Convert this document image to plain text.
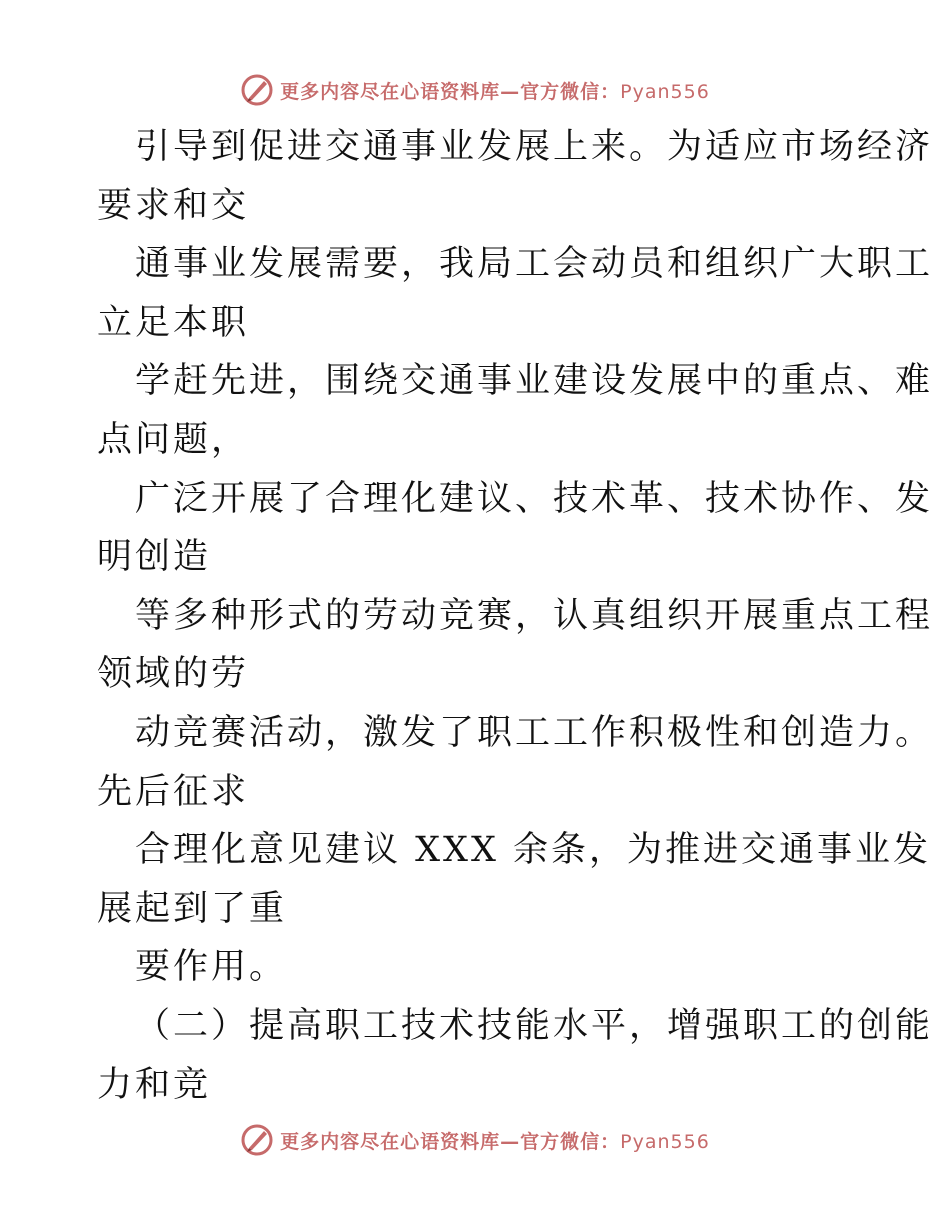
更多内容尽在心语资料库—官方微信：Pyan556
引导到促进交通事业发展上来。为适应市场经济
要求和交
通事业发展需要，我局工会动员和组织广大职工
立足本职
学赶先进，围绕交通事业建设发展中的重点、难
点问题，
广泛开展了合理化建议、技术革、技术协作、发
明创造
等多种形式的劳动竞赛，认真组织开展重点工程
领域的劳
动竞赛活动，激发了职工工作积极性和创造力。
先后征求
合理化意见建议 XXX 余条，为推进交通事业发
展起到了重
要作用。
（二）提高职工技术技能水平，增强职工的创能
力和竞
更多内容尽在心语资料库—官方微信：Pyan556
